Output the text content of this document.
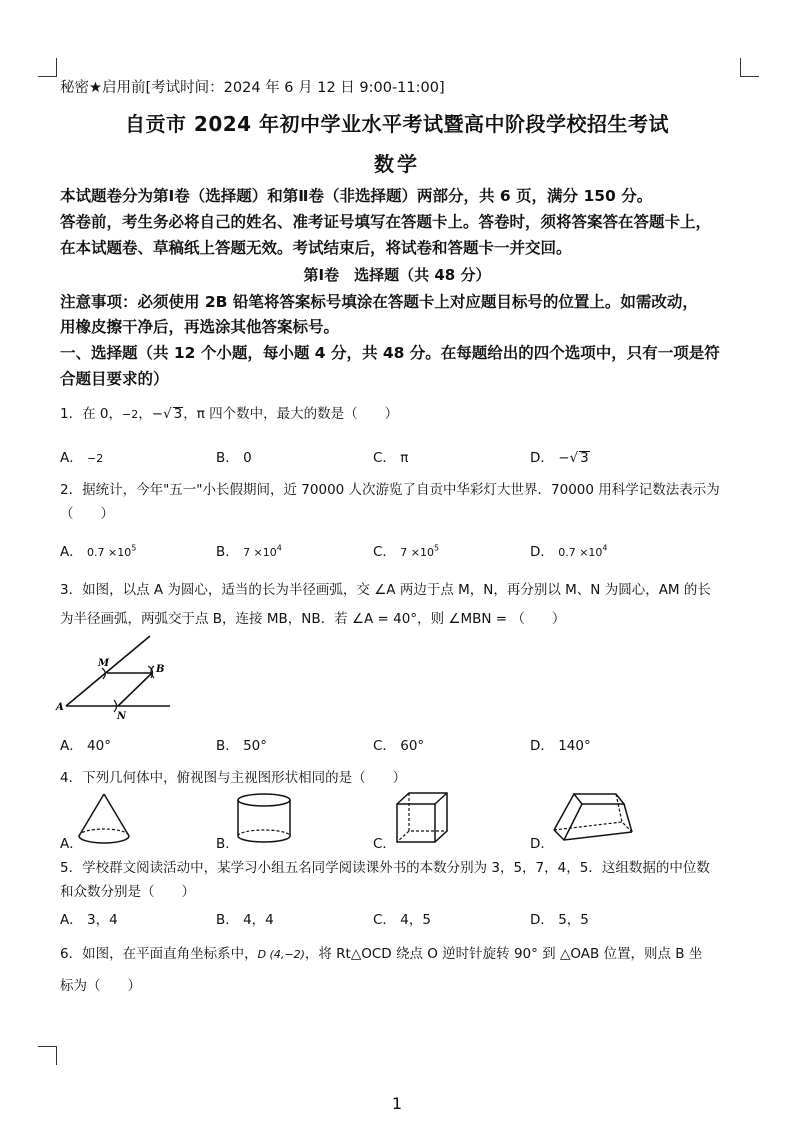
秘密★启用前[考试时间：2024 年 6 月 12 日 9:00-11:00]
自贡市 2024 年初中学业水平考试暨高中阶段学校招生考试
数学
本试题卷分为第Ⅰ卷（选择题）和第Ⅱ卷（非选择题）两部分，共 6 页，满分 150 分。
答卷前，考生务必将自己的姓名、准考证号填写在答题卡上。答卷时，须将答案答在答题卡上，
在本试题卷、草稿纸上答题无效。考试结束后，将试卷和答题卡一并交回。
第Ⅰ卷　选择题（共 48 分）
注意事项：必须使用 2B 铅笔将答案标号填涂在答题卡上对应题目标号的位置上。如需改动，
用橡皮擦干净后，再选涂其他答案标号。
一、选择题（共 12 个小题，每小题 4 分，共 48 分。在每题给出的四个选项中，只有一项是符
合题目要求的）
1．在 0，−2，−√ 3，π 四个数中，最大的数是（　　）
A． −2	B． 0	C． π	D． −√ 3
2．据统计，今年"五一"小长假期间，近 70000 人次游览了自贡中华彩灯大世界．70000 用科学记数法表示为
（　　）
A． $0.7 \times 10^5$	B． $7 \times 10^4$	C． $7 \times 10^5$	D． $0.7 \times 10^4$
3．如图，以点 A 为圆心，适当的长为半径画弧，交 ∠A 两边于点 M，N，再分别以 M、N 为圆心，AM 的长
为半径画弧，两弧交于点 B，连接 MB，NB．若 ∠A = 40°，则 ∠MBN = （　　）
M
B
A
N
A． 40°	B． 50°	C． 60°	D． 140°
4．下列几何体中，俯视图与主视图形状相同的是（　　）
A．	B．	C．	D．
5．学校群文阅读活动中，某学习小组五名同学阅读课外书的本数分别为 3，5，7，4，5．这组数据的中位数
和众数分别是（　　）
A． 3，4	B． 4，4	C． 4，5	D． 5，5
6．如图，在平面直角坐标系中，D (4,−2)，将 Rt△OCD 绕点 O 逆时针旋转 90° 到 △OAB 位置，则点 B 坐
标为（　　）
1
